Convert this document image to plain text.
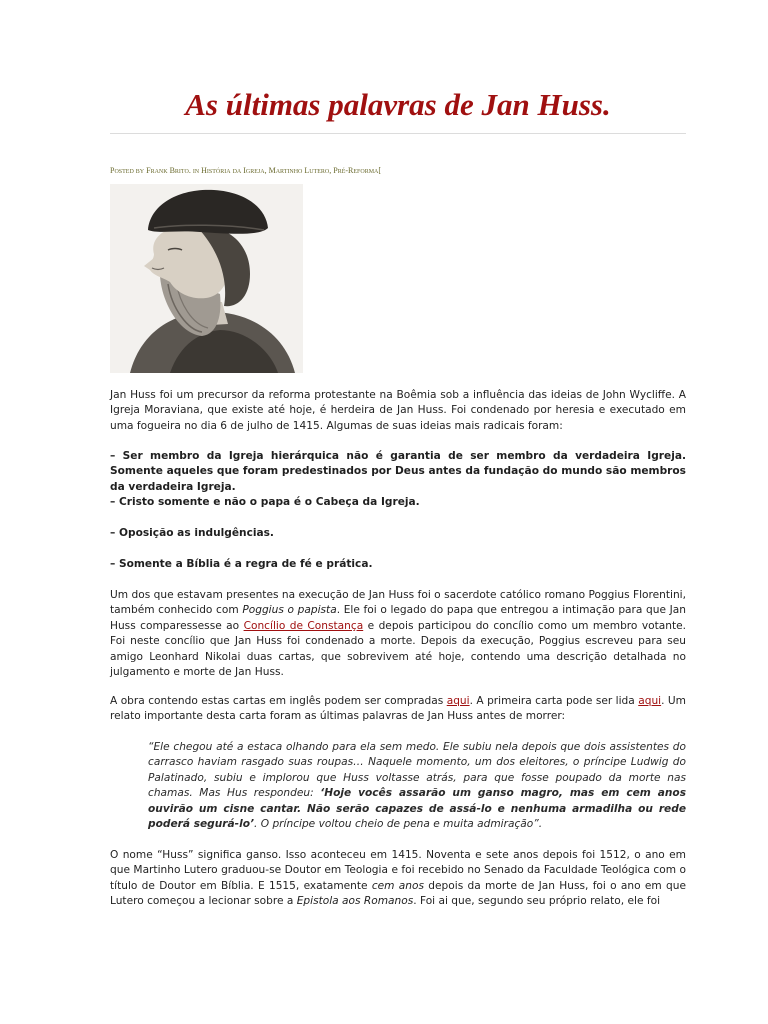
As últimas palavras de Jan Huss.
Posted by Frank Brito. in História da Igreja, Martinho Lutero, Pré-Reforma[

Jan Huss foi um precursor da reforma protestante na Boêmia sob a influência das ideias de John Wycliffe. A Igreja Moraviana, que existe até hoje, é herdeira de Jan Huss. Foi condenado por heresia e executado em uma fogueira no dia 6 de julho de 1415. Algumas de suas ideias mais radicais foram:

– Ser membro da Igreja hierárquica não é garantia de ser membro da verdadeira Igreja. Somente aqueles que foram predestinados por Deus antes da fundação do mundo são membros da verdadeira Igreja.

– Cristo somente e não o papa é o Cabeça da Igreja.

– Oposição as indulgências.

– Somente a Bíblia é a regra de fé e prática.

Um dos que estavam presentes na execução de Jan Huss foi o sacerdote católico romano Poggius Florentini, também conhecido com Poggius o papista. Ele foi o legado do papa que entregou a intimação para que Jan Huss comparessesse ao Concílio de Constança e depois participou do concílio como um membro votante. Foi neste concílio que Jan Huss foi condenado a morte. Depois da execução, Poggius escreveu para seu amigo Leonhard Nikolai duas cartas, que sobrevivem até hoje, contendo uma descrição detalhada no julgamento e morte de Jan Huss.

A obra contendo estas cartas em inglês podem ser compradas aqui. A primeira carta pode ser lida aqui. Um relato importante desta carta foram as últimas palavras de Jan Huss antes de morrer:

“Ele chegou até a estaca olhando para ela sem medo. Ele subiu nela depois que dois assistentes do carrasco haviam rasgado suas roupas… Naquele momento, um dos eleitores, o príncipe Ludwig do Palatinado, subiu e implorou que Huss voltasse atrás, para que fosse poupado da morte nas chamas. Mas Hus respondeu: ‘Hoje vocês assarão um ganso magro, mas em cem anos ouvirão um cisne cantar. Não serão capazes de assá-lo e nenhuma armadilha ou rede poderá segurá-lo’. O príncipe voltou cheio de pena e muita admiração”.

O nome “Huss” significa ganso. Isso aconteceu em 1415. Noventa e sete anos depois foi 1512, o ano em que Martinho Lutero graduou-se Doutor em Teologia e foi recebido no Senado da Faculdade Teológica com o título de Doutor em Bíblia. E 1515, exatamente cem anos depois da morte de Jan Huss, foi o ano em que Lutero começou a lecionar sobre a Epistola aos Romanos. Foi ai que, segundo seu próprio relato, ele foi
